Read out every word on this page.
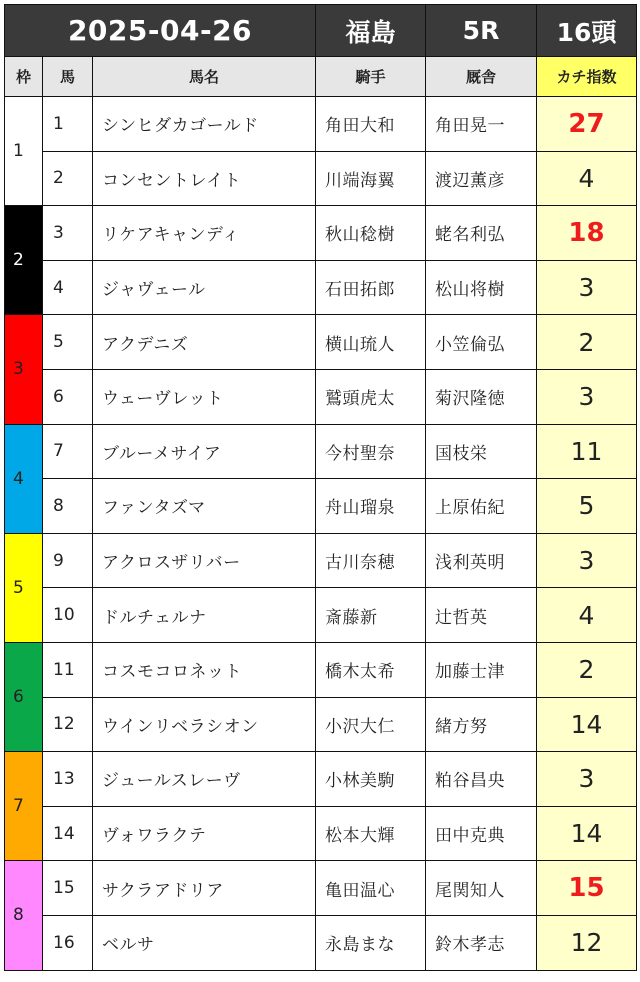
2025-04-26			福島	5R	16頭
枠	馬	馬名	騎手	厩舎	カチ指数
1	1	シンヒダカゴールド	角田大和	角田晃一	27
	2	コンセントレイト	川端海翼	渡辺薫彦	4
2	3	リケアキャンディ	秋山稔樹	蛯名利弘	18
	4	ジャヴェール	石田拓郎	松山将樹	3
3	5	アクデニズ	横山琉人	小笠倫弘	2
	6	ウェーヴレット	鷲頭虎太	菊沢隆徳	3
4	7	ブルーメサイア	今村聖奈	国枝栄	11
	8	ファンタズマ	舟山瑠泉	上原佑紀	5
5	9	アクロスザリバー	古川奈穂	浅利英明	3
	10	ドルチェルナ	斎藤新	辻哲英	4
6	11	コスモコロネット	橋木太希	加藤士津	2
	12	ウインリベラシオン	小沢大仁	緒方努	14
7	13	ジュールスレーヴ	小林美駒	粕谷昌央	3
	14	ヴォワラクテ	松本大輝	田中克典	14
8	15	サクラアドリア	亀田温心	尾関知人	15
	16	ベルサ	永島まな	鈴木孝志	12
